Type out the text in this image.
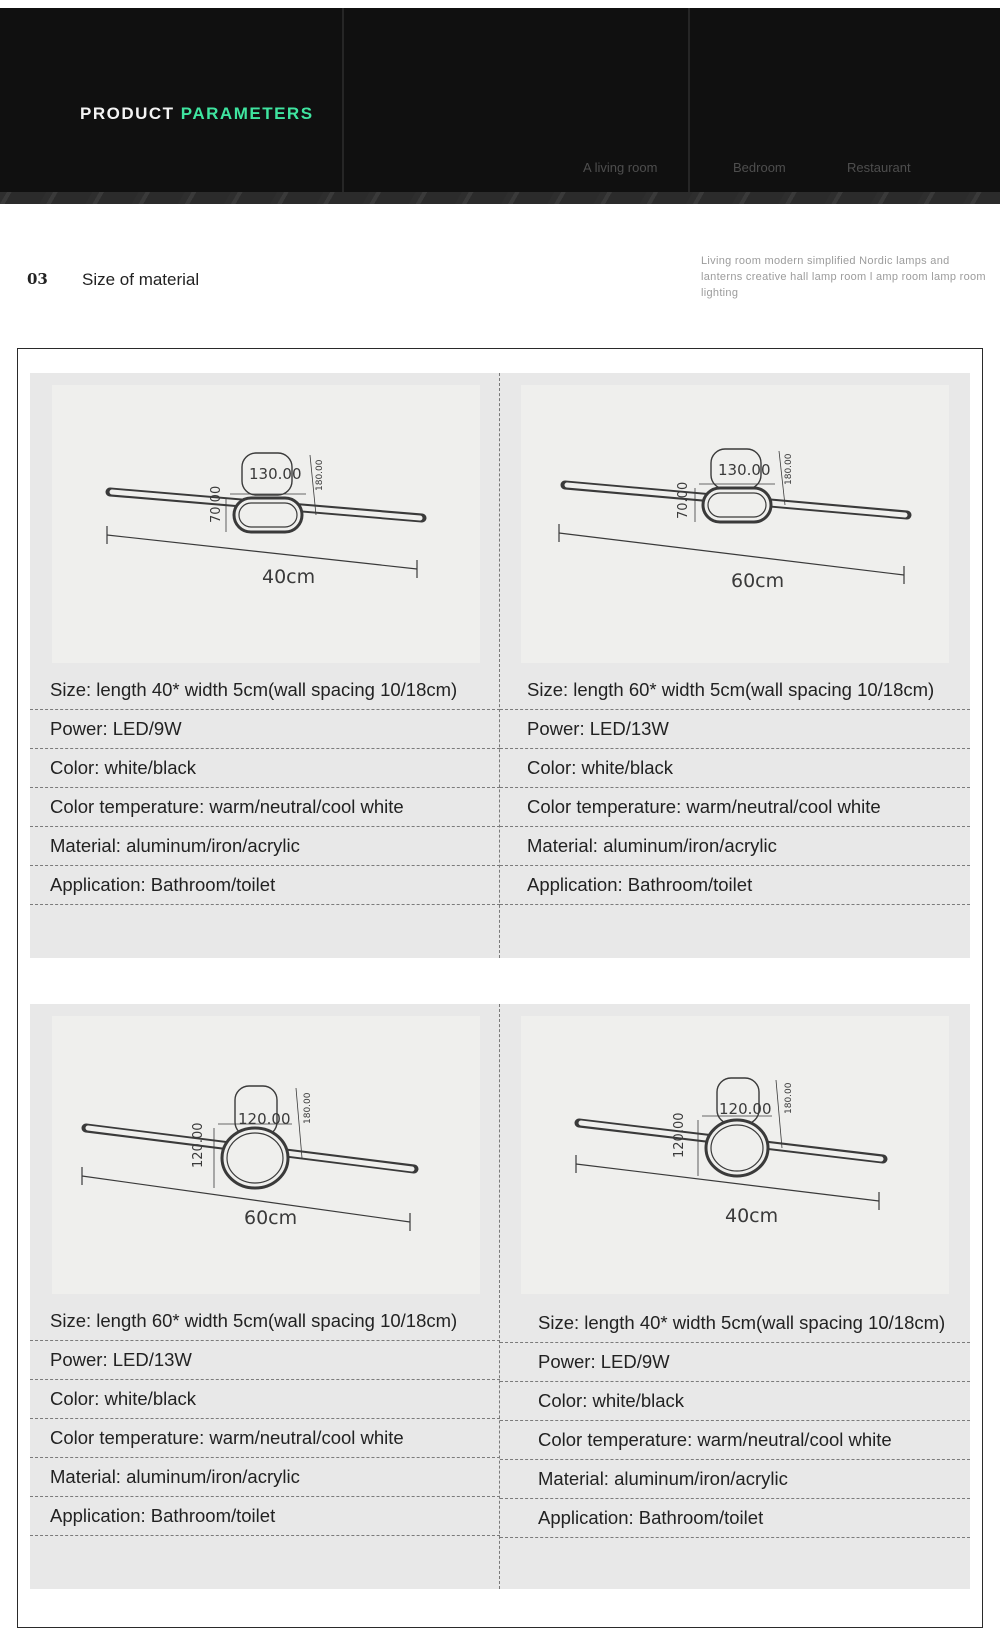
PRODUCT PARAMETERS
A living room	Bedroom	Restaurant
03 Size of material
Living room modern simplified Nordic lamps and lanterns creative hall lamp room l amp room lamp room lighting
130.00
70.00
180.00
40cm
Size: length 40* width 5cm(wall spacing 10/18cm)
Power: LED/9W
Color: white/black
Color temperature: warm/neutral/cool white
Material: aluminum/iron/acrylic
Application: Bathroom/toilet
130.00
70.00
180.00
60cm
Size: length 60* width 5cm(wall spacing 10/18cm)
Power: LED/13W
Color: white/black
Color temperature: warm/neutral/cool white
Material: aluminum/iron/acrylic
Application: Bathroom/toilet
120.00
120.00
180.00
60cm
Size: length 60* width 5cm(wall spacing 10/18cm)
Power: LED/13W
Color: white/black
Color temperature: warm/neutral/cool white
Material: aluminum/iron/acrylic
Application: Bathroom/toilet
120.00
120.00
180.00
40cm
Size: length 40* width 5cm(wall spacing 10/18cm)
Power: LED/9W
Color: white/black
Color temperature: warm/neutral/cool white
Material: aluminum/iron/acrylic
Application: Bathroom/toilet
